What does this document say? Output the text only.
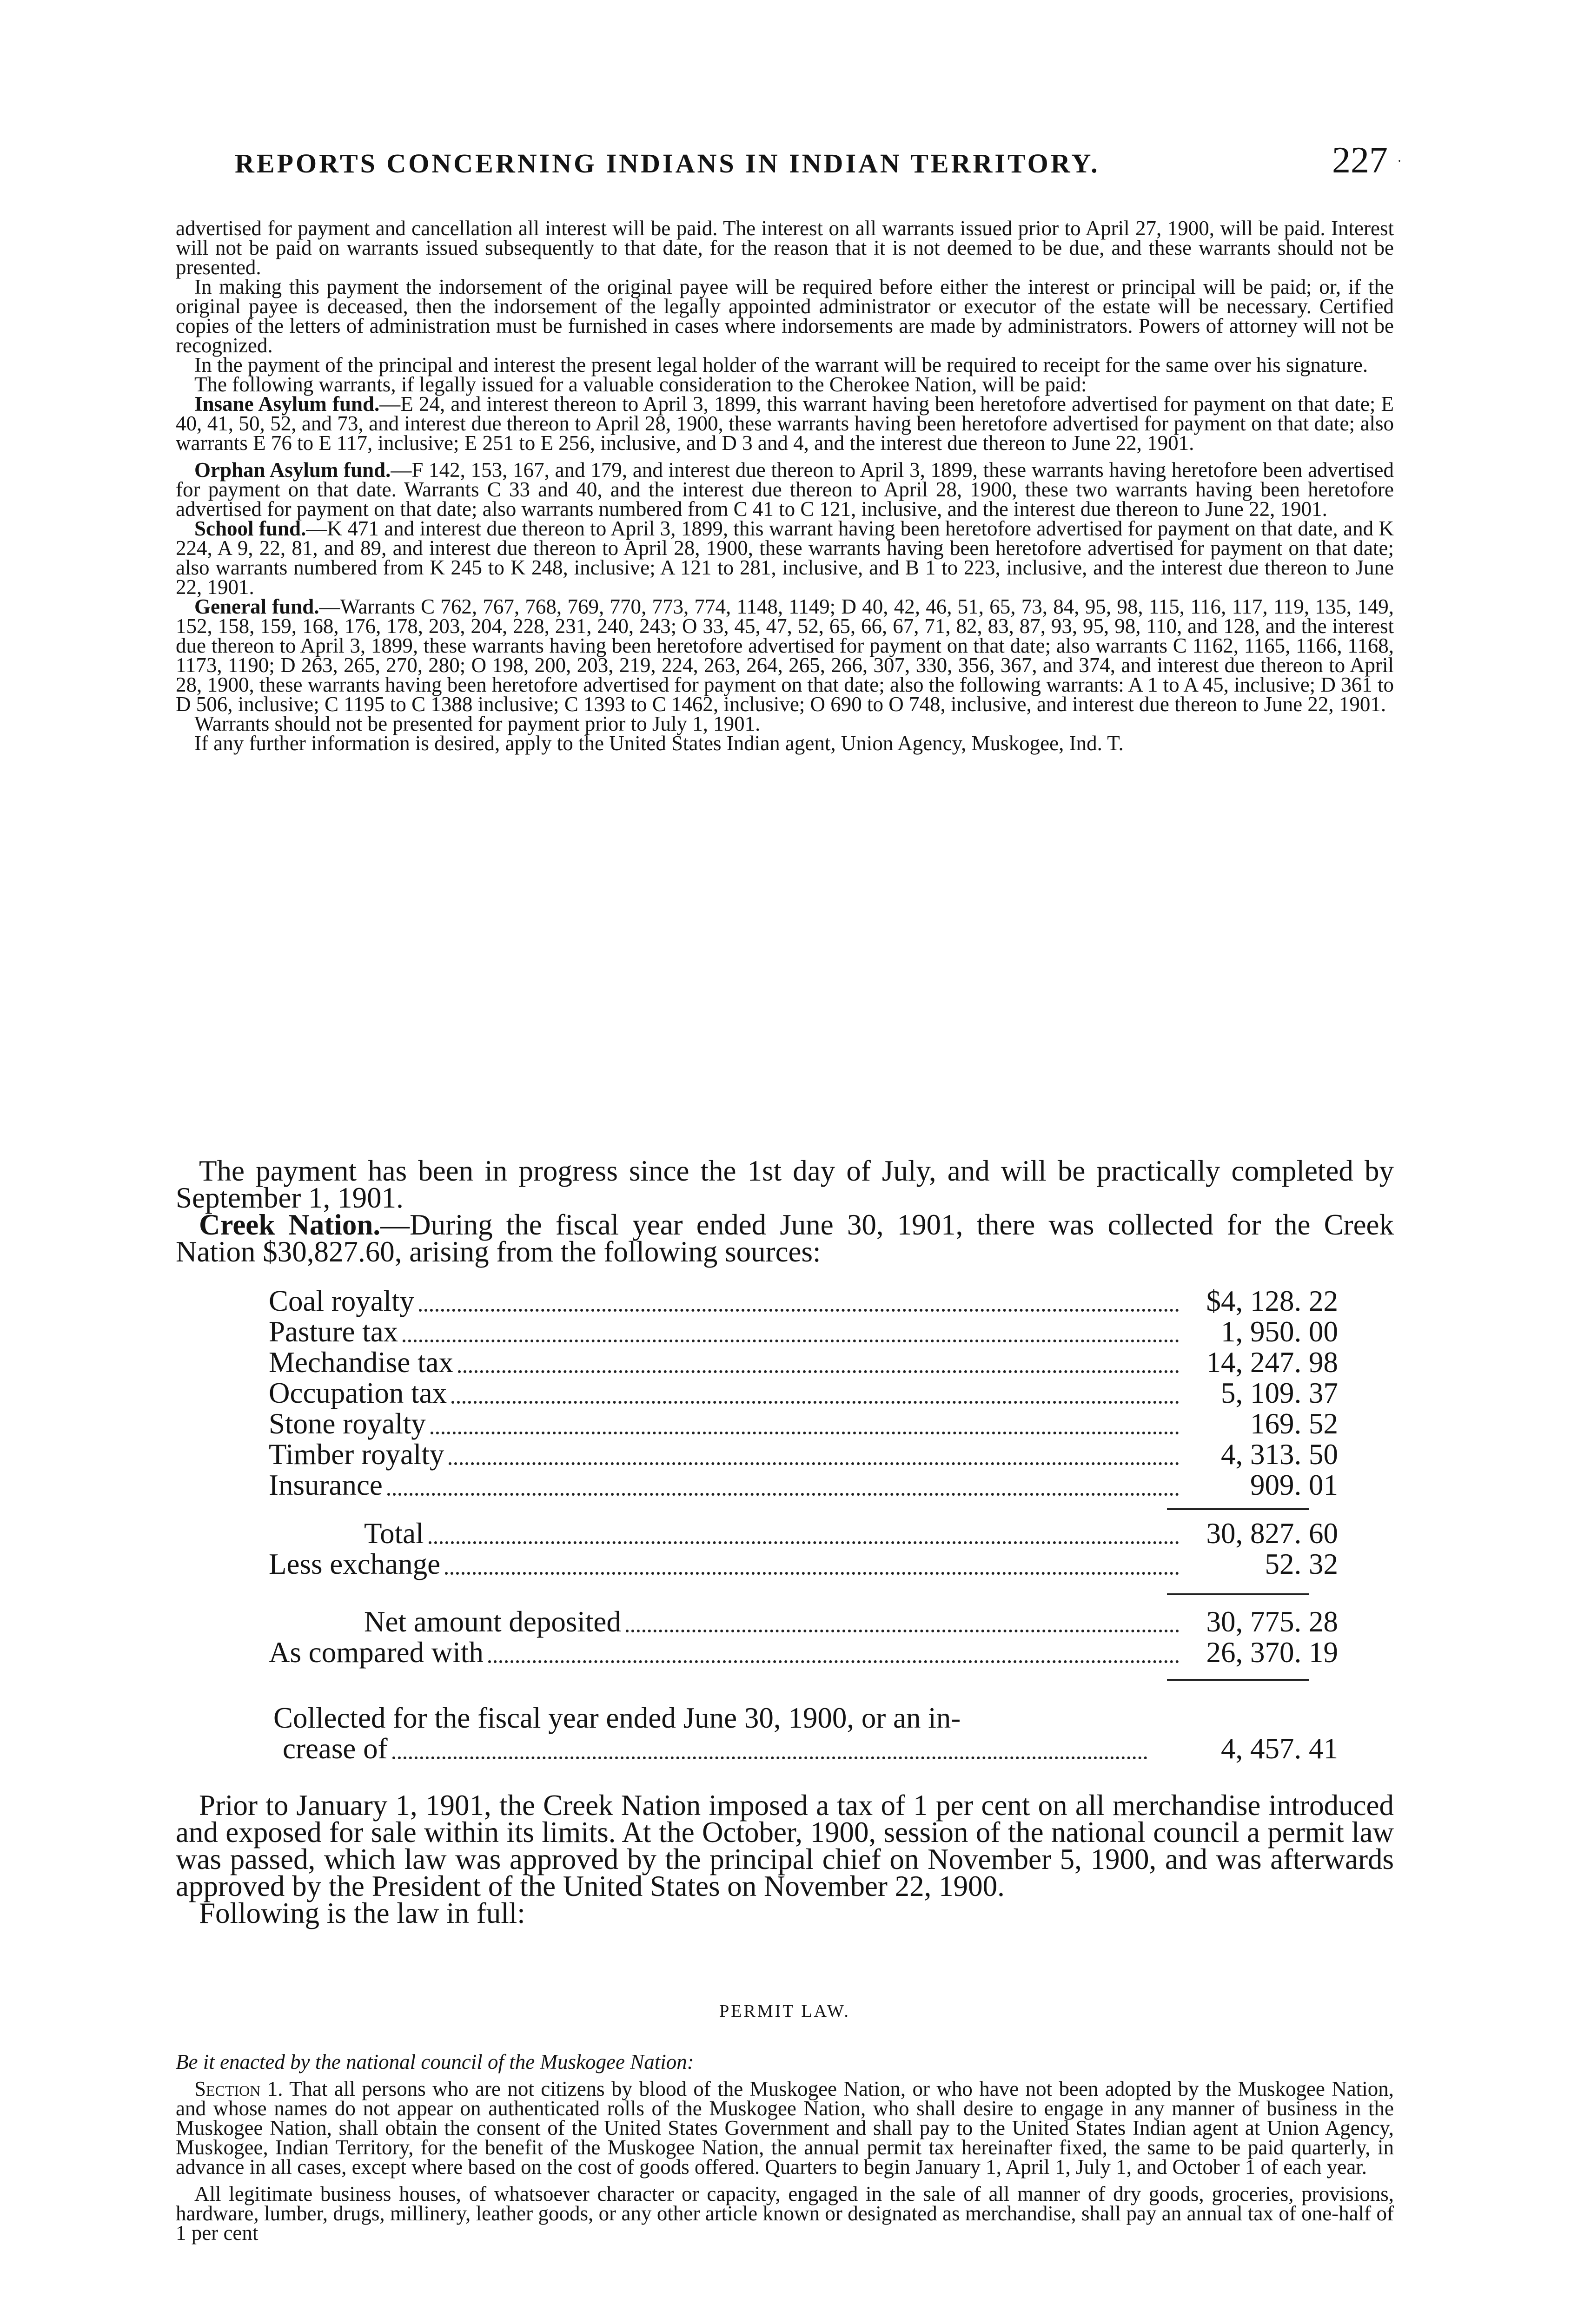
REPORTS CONCERNING INDIANS IN INDIAN TERRITORY.	227 ·

advertised for payment and cancellation all interest will be paid. The interest on all warrants issued prior to April 27, 1900, will be paid. Interest will not be paid on warrants issued subsequently to that date, for the reason that it is not deemed to be due, and these warrants should not be presented.

In making this payment the indorsement of the original payee will be required before either the interest or principal will be paid; or, if the original payee is deceased, then the indorsement of the legally appointed administrator or executor of the estate will be necessary. Certified copies of the letters of administration must be furnished in cases where indorsements are made by administrators. Powers of attorney will not be recognized.

In the payment of the principal and interest the present legal holder of the warrant will be required to receipt for the same over his signature.

The following warrants, if legally issued for a valuable consideration to the Cherokee Nation, will be paid:

Insane Asylum fund.—E 24, and interest thereon to April 3, 1899, this warrant having been heretofore advertised for payment on that date; E 40, 41, 50, 52, and 73, and interest due thereon to April 28, 1900, these warrants having been heretofore advertised for payment on that date; also warrants E 76 to E 117, inclusive; E 251 to E 256, inclusive, and D 3 and 4, and the interest due thereon to June 22, 1901.

Orphan Asylum fund.—F 142, 153, 167, and 179, and interest due thereon to April 3, 1899, these warrants having heretofore been advertised for payment on that date. Warrants C 33 and 40, and the interest due thereon to April 28, 1900, these two warrants having been heretofore advertised for payment on that date; also warrants numbered from C 41 to C 121, inclusive, and the interest due thereon to June 22, 1901.

School fund.—K 471 and interest due thereon to April 3, 1899, this warrant having been heretofore advertised for payment on that date, and K 224, A 9, 22, 81, and 89, and interest due thereon to April 28, 1900, these warrants having been heretofore advertised for payment on that date; also warrants numbered from K 245 to K 248, inclusive; A 121 to 281, inclusive, and B 1 to 223, inclusive, and the interest due thereon to June 22, 1901.

General fund.—Warrants C 762, 767, 768, 769, 770, 773, 774, 1148, 1149; D 40, 42, 46, 51, 65, 73, 84, 95, 98, 115, 116, 117, 119, 135, 149, 152, 158, 159, 168, 176, 178, 203, 204, 228, 231, 240, 243; O 33, 45, 47, 52, 65, 66, 67, 71, 82, 83, 87, 93, 95, 98, 110, and 128, and the interest due thereon to April 3, 1899, these warrants having been heretofore advertised for payment on that date; also warrants C 1162, 1165, 1166, 1168, 1173, 1190; D 263, 265, 270, 280; O 198, 200, 203, 219, 224, 263, 264, 265, 266, 307, 330, 356, 367, and 374, and interest due thereon to April 28, 1900, these warrants having been heretofore advertised for payment on that date; also the following warrants: A 1 to A 45, inclusive; D 361 to D 506, inclusive; C 1195 to C 1388 inclusive; C 1393 to C 1462, inclusive; O 690 to O 748, inclusive, and interest due thereon to June 22, 1901.

Warrants should not be presented for payment prior to July 1, 1901.

If any further information is desired, apply to the United States Indian agent, Union Agency, Muskogee, Ind. T.

The payment has been in progress since the 1st day of July, and will be practically completed by September 1, 1901.

Creek Nation.—During the fiscal year ended June 30, 1901, there was collected for the Creek Nation $30,827.60, arising from the following sources:

Coal royalty	$4, 128. 22
Pasture tax	1, 950. 00
Mechandise tax	14, 247. 98
Occupation tax	5, 109. 37
Stone royalty	169. 52
Timber royalty	4, 313. 50
Insurance	909. 01
Total	30, 827. 60
Less exchange	52. 32
Net amount deposited	30, 775. 28
As compared with	26, 370. 19
Collected for the fiscal year ended June 30, 1900, or an in-
crease of	4, 457. 41

Prior to January 1, 1901, the Creek Nation imposed a tax of 1 per cent on all merchandise introduced and exposed for sale within its limits. At the October, 1900, session of the national council a permit law was passed, which law was approved by the principal chief on November 5, 1900, and was afterwards approved by the President of the United States on November 22, 1900.

Following is the law in full:

PERMIT LAW.

Be it enacted by the national council of the Muskogee Nation:

Section 1. That all persons who are not citizens by blood of the Muskogee Nation, or who have not been adopted by the Muskogee Nation, and whose names do not appear on authenticated rolls of the Muskogee Nation, who shall desire to engage in any manner of business in the Muskogee Nation, shall obtain the consent of the United States Government and shall pay to the United States Indian agent at Union Agency, Muskogee, Indian Territory, for the benefit of the Muskogee Nation, the annual permit tax hereinafter fixed, the same to be paid quarterly, in advance in all cases, except where based on the cost of goods offered. Quarters to begin January 1, April 1, July 1, and October 1 of each year.

All legitimate business houses, of whatsoever character or capacity, engaged in the sale of all manner of dry goods, groceries, provisions, hardware, lumber, drugs, millinery, leather goods, or any other article known or designated as merchandise, shall pay an annual tax of one-half of 1 per cent
